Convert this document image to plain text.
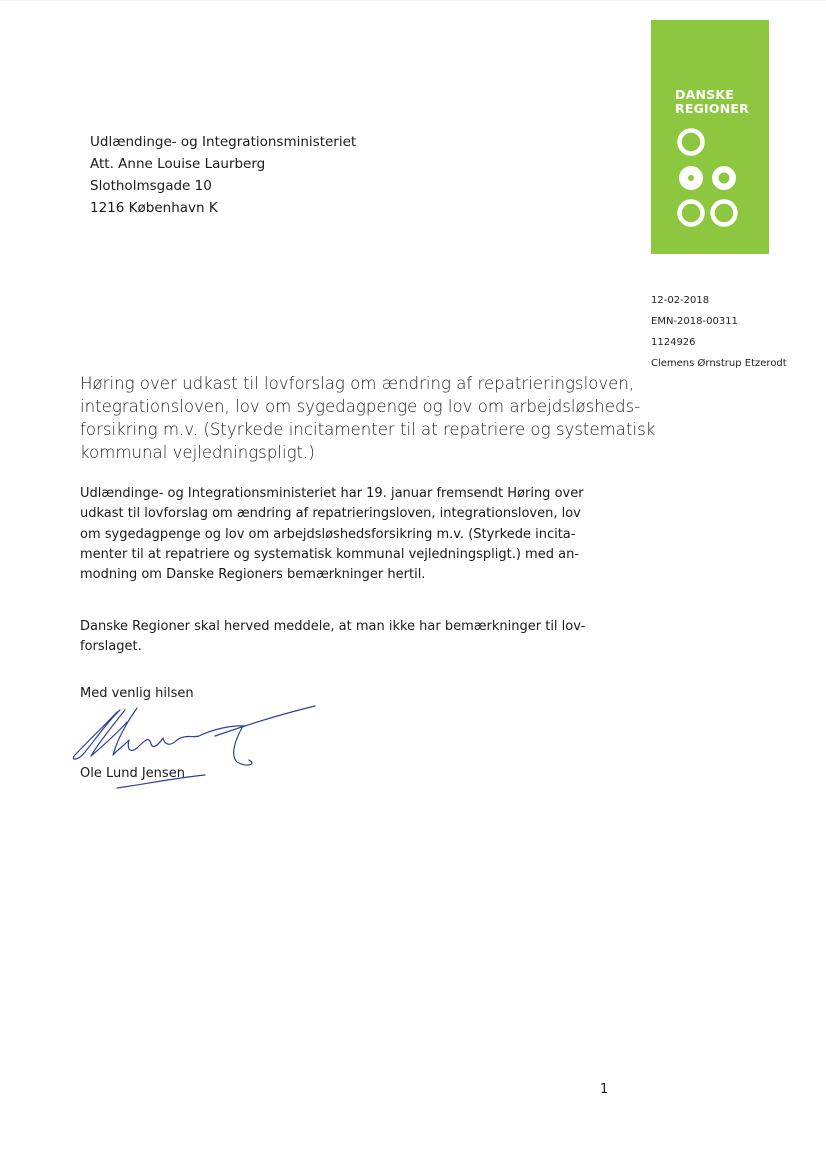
Udlændinge- og Integrationsministeriet
Att. Anne Louise Laurberg
Slotholmsgade 10
1216 København K
DANSKE
REGIONER
12-02-2018
EMN-2018-00311
1124926
Clemens Ørnstrup Etzerodt
Høring over udkast til lovforslag om ændring af repatrieringsloven,
integrationsloven, lov om sygedagpenge og lov om arbejdsløsheds-
forsikring m.v. (Styrkede incitamenter til at repatriere og systematisk
kommunal vejledningspligt.)
Udlændinge- og Integrationsministeriet har 19. januar fremsendt Høring over
udkast til lovforslag om ændring af repatrieringsloven, integrationsloven, lov
om sygedagpenge og lov om arbejdsløshedsforsikring m.v. (Styrkede incita-
menter til at repatriere og systematisk kommunal vejledningspligt.) med an-
modning om Danske Regioners bemærkninger hertil.
Danske Regioner skal herved meddele, at man ikke har bemærkninger til lov-
forslaget.
Med venlig hilsen
Ole Lund Jensen
1
